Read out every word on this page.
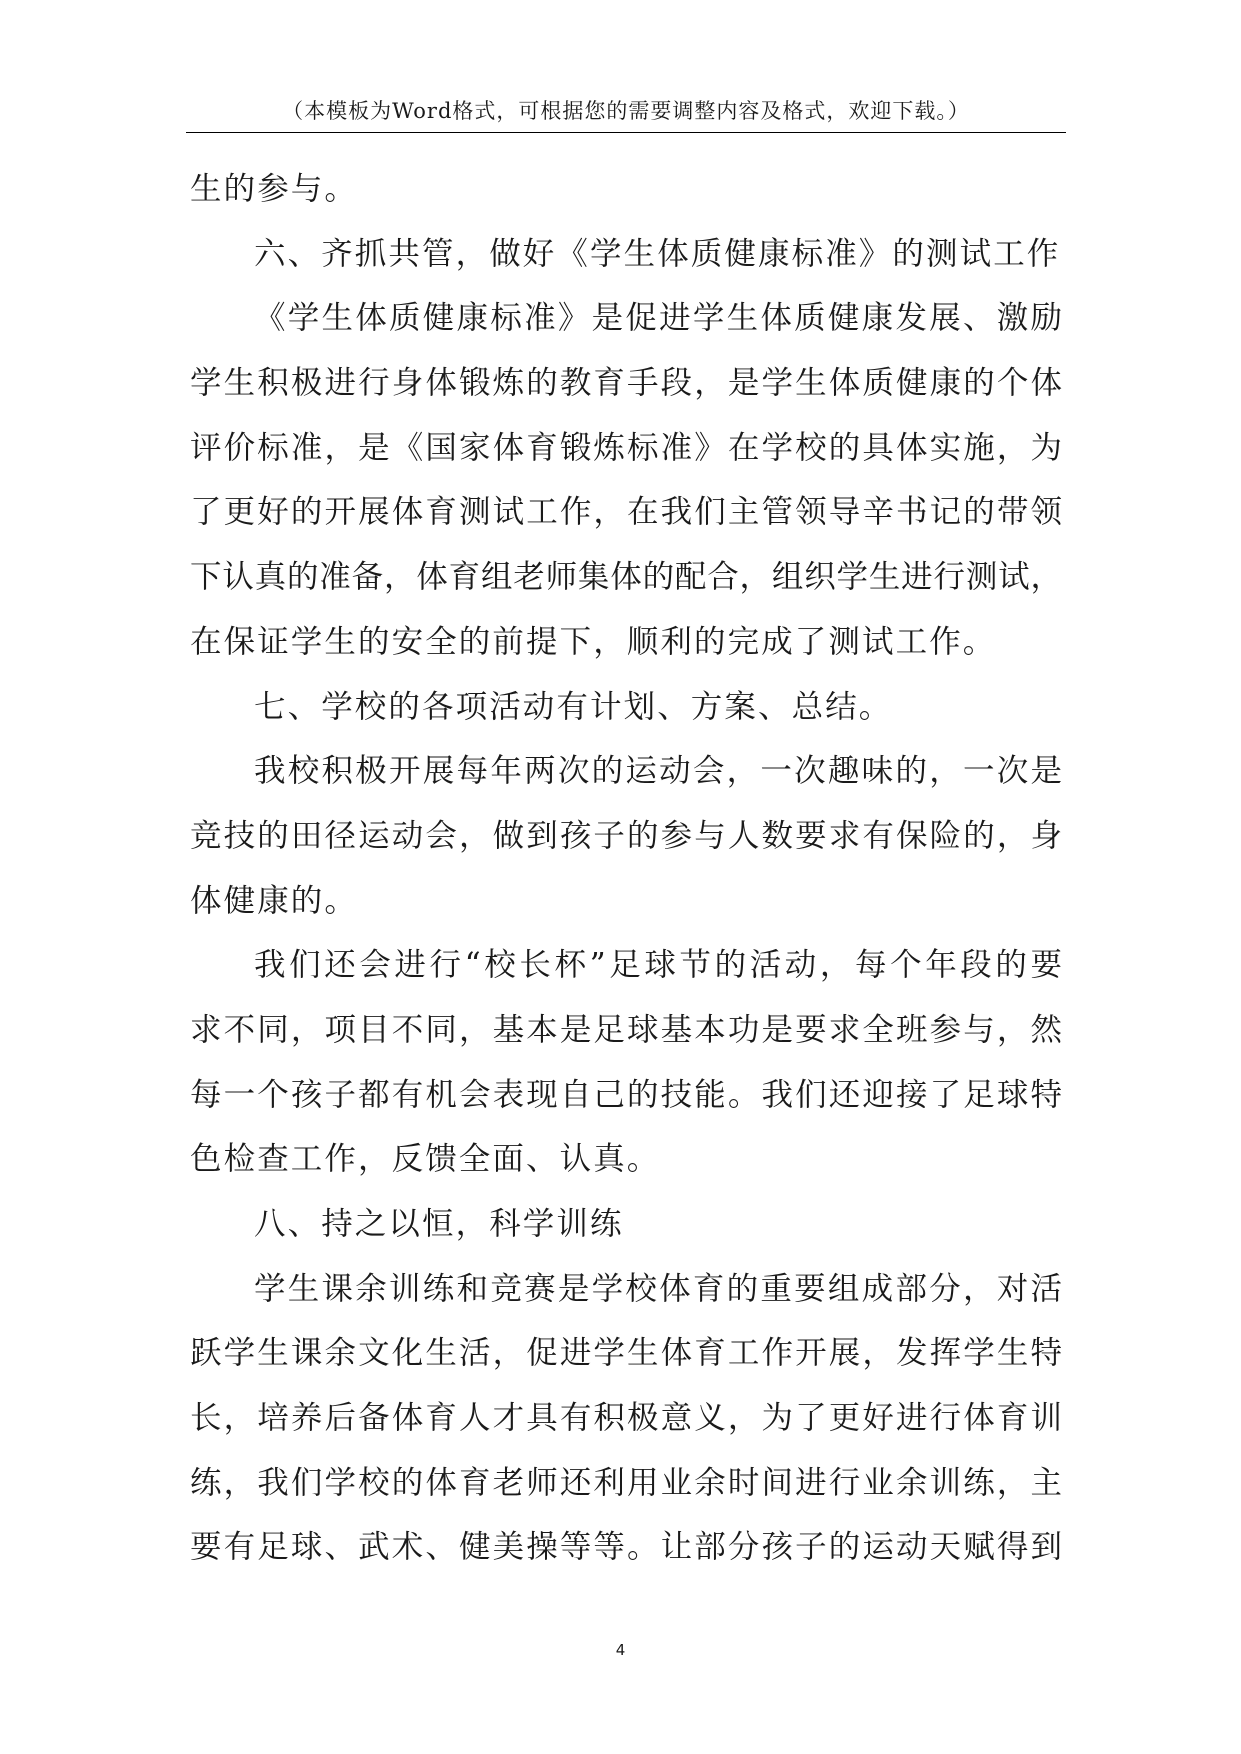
（本模板为Word格式，可根据您的需要调整内容及格式，欢迎下载。）
生的参与。
六、齐抓共管，做好《学生体质健康标准》的测试工作
《学生体质健康标准》是促进学生体质健康发展、激励
学生积极进行身体锻炼的教育手段，是学生体质健康的个体
评价标准，是《国家体育锻炼标准》在学校的具体实施，为
了更好的开展体育测试工作，在我们主管领导辛书记的带领
下认真的准备，体育组老师集体的配合，组织学生进行测试，
在保证学生的安全的前提下，顺利的完成了测试工作。
七、学校的各项活动有计划、方案、总结。
我校积极开展每年两次的运动会，一次趣味的，一次是
竞技的田径运动会，做到孩子的参与人数要求有保险的，身
体健康的。
我们还会进行“校长杯”足球节的活动，每个年段的要
求不同，项目不同，基本是足球基本功是要求全班参与，然
每一个孩子都有机会表现自己的技能。我们还迎接了足球特
色检查工作，反馈全面、认真。
八、持之以恒，科学训练
学生课余训练和竞赛是学校体育的重要组成部分，对活
跃学生课余文化生活，促进学生体育工作开展，发挥学生特
长，培养后备体育人才具有积极意义，为了更好进行体育训
练，我们学校的体育老师还利用业余时间进行业余训练，主
要有足球、武术、健美操等等。让部分孩子的运动天赋得到
4
